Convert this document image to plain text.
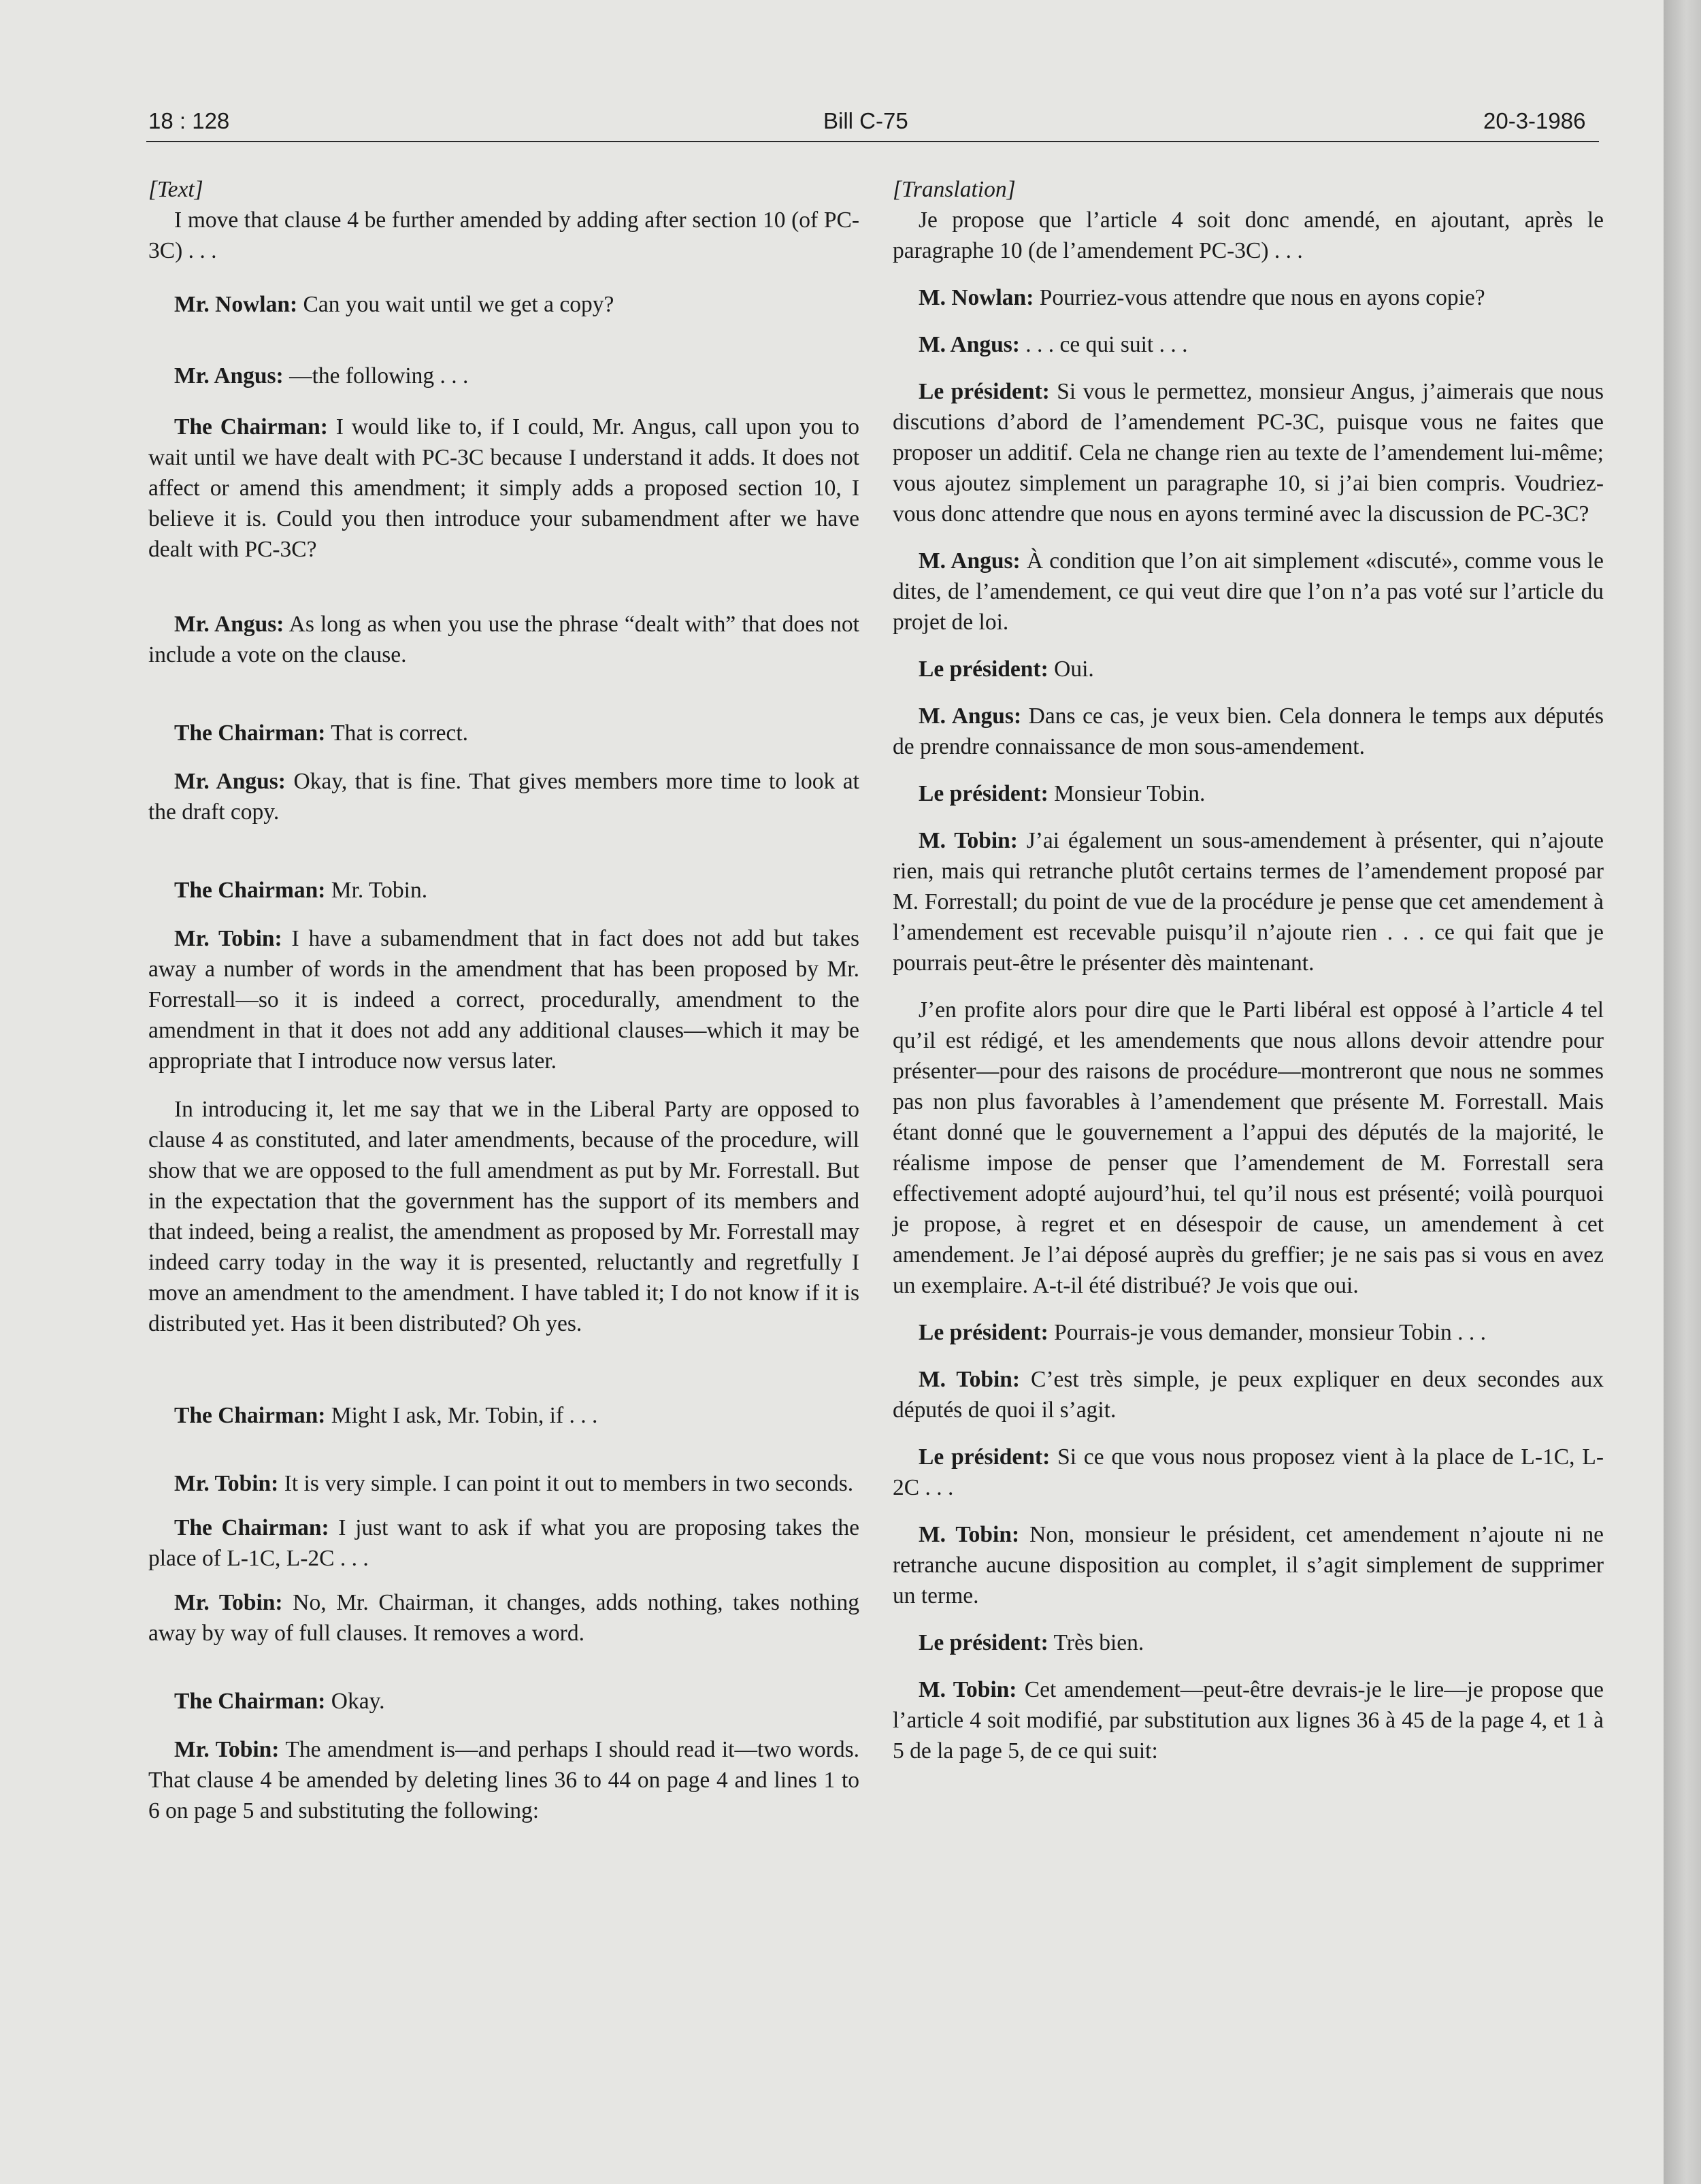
18 : 128	Bill C-75	20-3-1986
[Text]

I move that clause 4 be further amended by adding after section 10 (of PC-3C) . . .

Mr. Nowlan: Can you wait until we get a copy?

Mr. Angus: —the following . . .

The Chairman: I would like to, if I could, Mr. Angus, call upon you to wait until we have dealt with PC-3C because I understand it adds. It does not affect or amend this amendment; it simply adds a proposed section 10, I believe it is. Could you then introduce your subamendment after we have dealt with PC-3C?

Mr. Angus: As long as when you use the phrase “dealt with” that does not include a vote on the clause.

The Chairman: That is correct.

Mr. Angus: Okay, that is fine. That gives members more time to look at the draft copy.

The Chairman: Mr. Tobin.

Mr. Tobin: I have a subamendment that in fact does not add but takes away a number of words in the amendment that has been proposed by Mr. Forrestall—so it is indeed a correct, procedurally, amendment to the amendment in that it does not add any additional clauses—which it may be appropriate that I introduce now versus later.

In introducing it, let me say that we in the Liberal Party are opposed to clause 4 as constituted, and later amendments, because of the procedure, will show that we are opposed to the full amendment as put by Mr. Forrestall. But in the expectation that the government has the support of its members and that indeed, being a realist, the amendment as proposed by Mr. Forrestall may indeed carry today in the way it is presented, reluctantly and regretfully I move an amendment to the amendment. I have tabled it; I do not know if it is distributed yet. Has it been distributed? Oh yes.

The Chairman: Might I ask, Mr. Tobin, if . . .

Mr. Tobin: It is very simple. I can point it out to members in two seconds.

The Chairman: I just want to ask if what you are proposing takes the place of L-1C, L-2C . . .

Mr. Tobin: No, Mr. Chairman, it changes, adds nothing, takes nothing away by way of full clauses. It removes a word.

The Chairman: Okay.

Mr. Tobin: The amendment is—and perhaps I should read it—two words. That clause 4 be amended by deleting lines 36 to 44 on page 4 and lines 1 to 6 on page 5 and substituting the following:

[Translation]

Je propose que l’article 4 soit donc amendé, en ajoutant, après le paragraphe 10 (de l’amendement PC-3C) . . .

M. Nowlan: Pourriez-vous attendre que nous en ayons copie?

M. Angus: . . . ce qui suit . . .

Le président: Si vous le permettez, monsieur Angus, j’aimerais que nous discutions d’abord de l’amendement PC-3C, puisque vous ne faites que proposer un additif. Cela ne change rien au texte de l’amendement lui-même; vous ajoutez simplement un paragraphe 10, si j’ai bien compris. Voudriez-vous donc attendre que nous en ayons terminé avec la discussion de PC-3C?

M. Angus: À condition que l’on ait simplement «discuté», comme vous le dites, de l’amendement, ce qui veut dire que l’on n’a pas voté sur l’article du projet de loi.

Le président: Oui.

M. Angus: Dans ce cas, je veux bien. Cela donnera le temps aux députés de prendre connaissance de mon sous-amendement.

Le président: Monsieur Tobin.

M. Tobin: J’ai également un sous-amendement à présenter, qui n’ajoute rien, mais qui retranche plutôt certains termes de l’amendement proposé par M. Forrestall; du point de vue de la procédure je pense que cet amendement à l’amendement est recevable puisqu’il n’ajoute rien . . . ce qui fait que je pourrais peut-être le présenter dès maintenant.

J’en profite alors pour dire que le Parti libéral est opposé à l’article 4 tel qu’il est rédigé, et les amendements que nous allons devoir attendre pour présenter—pour des raisons de procédure—montreront que nous ne sommes pas non plus favorables à l’amendement que présente M. Forrestall. Mais étant donné que le gouvernement a l’appui des députés de la majorité, le réalisme impose de penser que l’amendement de M. Forrestall sera effectivement adopté aujourd’hui, tel qu’il nous est présenté; voilà pourquoi je propose, à regret et en désespoir de cause, un amendement à cet amendement. Je l’ai déposé auprès du greffier; je ne sais pas si vous en avez un exemplaire. A-t-il été distribué? Je vois que oui.

Le président: Pourrais-je vous demander, monsieur Tobin . . .

M. Tobin: C’est très simple, je peux expliquer en deux secondes aux députés de quoi il s’agit.

Le président: Si ce que vous nous proposez vient à la place de L-1C, L-2C . . .

M. Tobin: Non, monsieur le président, cet amendement n’ajoute ni ne retranche aucune disposition au complet, il s’agit simplement de supprimer un terme.

Le président: Très bien.

M. Tobin: Cet amendement—peut-être devrais-je le lire—je propose que l’article 4 soit modifié, par substitution aux lignes 36 à 45 de la page 4, et 1 à 5 de la page 5, de ce qui suit:
